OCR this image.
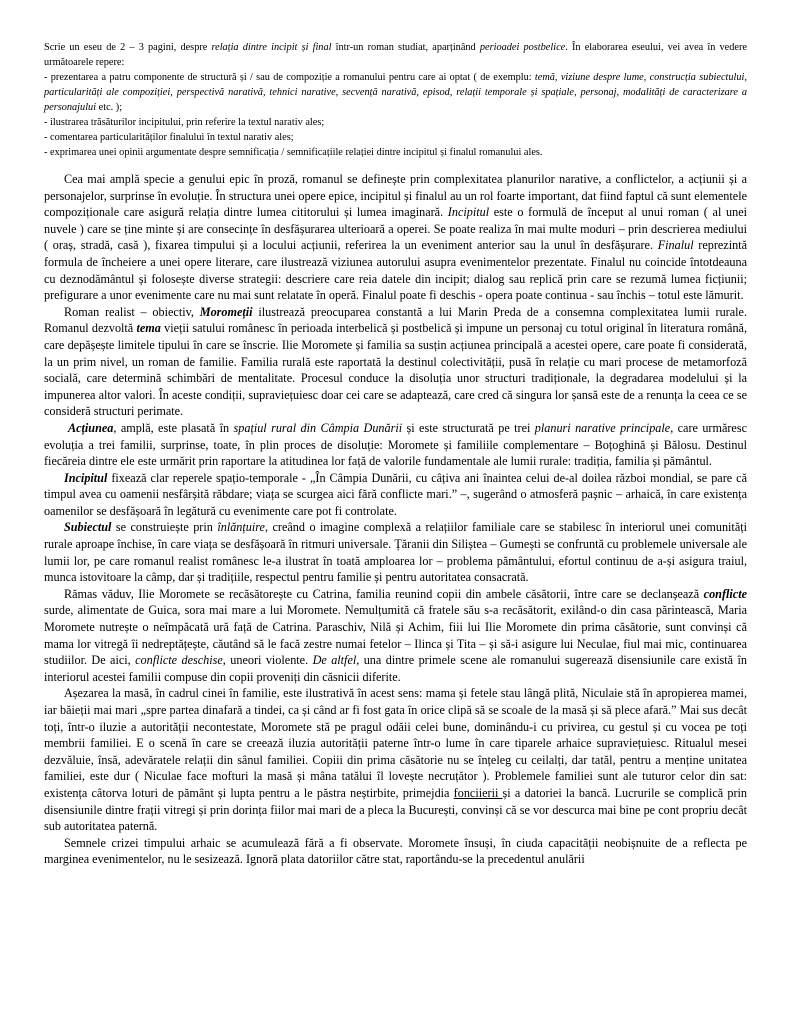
Scrie un eseu de 2 – 3 pagini, despre relația dintre incipit și final într-un roman studiat, aparținând perioadei postbelice. În elaborarea eseului, vei avea în vedere următoarele repere:

- prezentarea a patru componente de structură și / sau de compoziție a romanului pentru care ai optat ( de exemplu: temă, viziune despre lume, construcția subiectului, particularități ale compoziției, perspectivă narativă, tehnici narative, secvență narativă, episod, relații temporale și spațiale, personaj, modalități de caracterizare a personajului etc. );

- ilustrarea trăsăturilor incipitului, prin referire la textul narativ ales;

- comentarea particularităților finalului în textul narativ ales;

- exprimarea unei opinii argumentate despre semnificația / semnificațiile relației dintre incipitul și finalul romanului ales.

Cea mai amplă specie a genului epic în proză, romanul se definește prin complexitatea planurilor narative, a conflictelor, a acțiunii și a personajelor, surprinse în evoluție. În structura unei opere epice, incipitul și finalul au un rol foarte important, dat fiind faptul că sunt elementele compoziționale care asigură relația dintre lumea cititorului și lumea imaginară. Incipitul este o formulă de început al unui roman ( al unei nuvele ) care se ține minte și are consecințe în desfășurarea ulterioară a operei. Se poate realiza în mai multe moduri – prin descrierea mediului ( oraș, stradă, casă ), fixarea timpului și a locului acțiunii, referirea la un eveniment anterior sau la unul în desfășurare. Finalul reprezintă formula de încheiere a unei opere literare, care ilustrează viziunea autorului asupra evenimentelor prezentate. Finalul nu coincide întotdeauna cu deznodământul și folosește diverse strategii: descriere care reia datele din incipit; dialog sau replică prin care se rezumă lumea ficțiunii; prefigurare a unor evenimente care nu mai sunt relatate în operă. Finalul poate fi deschis - opera poate continua - sau închis – totul este lămurit.

Roman realist – obiectiv, Moromeții ilustrează preocuparea constantă a lui Marin Preda de a consemna complexitatea lumii rurale. Romanul dezvoltă tema vieții satului românesc în perioada interbelică și postbelică și impune un personaj cu totul original în literatura română, care depășește limitele tipului în care se înscrie. Ilie Moromete și familia sa susțin acțiunea principală a acestei opere, care poate fi considerată, la un prim nivel, un roman de familie. Familia rurală este raportată la destinul colectivității, pusă în relație cu mari procese de metamorfoză socială, care determină schimbări de mentalitate. Procesul conduce la disoluția unor structuri tradiționale, la degradarea modelului și la impunerea altor valori. În aceste condiții, supraviețuiesc doar cei care se adaptează, care cred că singura lor șansă este de a renunța la ceea ce se consideră structuri perimate.

Acțiunea, amplă, este plasată în spațiul rural din Câmpia Dunării și este structurată pe trei planuri narative principale, care urmăresc evoluția a trei familii, surprinse, toate, în plin proces de disoluție: Moromete și familiile complementare – Boțoghină și Bălosu. Destinul fiecăreia dintre ele este urmărit prin raportare la atitudinea lor față de valorile fundamentale ale lumii rurale: tradiția, familia și pământul.

Incipitul fixează clar reperele spațio-temporale - „În Câmpia Dunării, cu câțiva ani înaintea celui de-al doilea război mondial, se pare că timpul avea cu oamenii nesfârșită răbdare; viața se scurgea aici fără conflicte mari.” –, sugerând o atmosferă pașnic – arhaică, în care existența oamenilor se desfășoară în legătură cu evenimente care pot fi controlate.

Subiectul se construiește prin înlănțuire, creând o imagine complexă a relațiilor familiale care se stabilesc în interiorul unei comunități rurale aproape închise, în care viața se desfășoară în ritmuri universale. Țăranii din Siliștea – Gumești se confruntă cu problemele universale ale lumii lor, pe care romanul realist românesc le-a ilustrat în toată amploarea lor – problema pământului, efortul continuu de a-și asigura traiul, munca istovitoare la câmp, dar și tradițiile, respectul pentru familie și pentru autoritatea consacrată.

Rămas văduv, Ilie Moromete se recăsătorește cu Catrina, familia reunind copii din ambele căsătorii, între care se declanșează conflicte surde, alimentate de Guica, sora mai mare a lui Moromete. Nemulțumită că fratele său s-a recăsătorit, exilând-o din casa părintească, Maria Moromete nutrește o neîmpăcată ură față de Catrina. Paraschiv, Nilă și Achim, fiii lui Ilie Moromete din prima căsătorie, sunt convinși că mama lor vitregă îi nedreptățește, căutând să le facă zestre numai fetelor – Ilinca și Tita – și să-i asigure lui Neculae, fiul mai mic, continuarea studiilor. De aici, conflicte deschise, uneori violente. De altfel, una dintre primele scene ale romanului sugerează disensiunile care există în interiorul acestei familii compuse din copii proveniți din căsnicii diferite.

Așezarea la masă, în cadrul cinei în familie, este ilustrativă în acest sens: mama și fetele stau lângă plită, Niculaie stă în apropierea mamei, iar băieții mai mari „spre partea dinafară a tindei, ca și când ar fi fost gata în orice clipă să se scoale de la masă și să plece afară.” Mai sus decât toți, într-o iluzie a autorității necontestate, Moromete stă pe pragul odăii celei bune, dominându-i cu privirea, cu gestul și cu vocea pe toți membrii familiei. E o scenă în care se creează iluzia autorității paterne într-o lume în care tiparele arhaice supraviețuiesc. Ritualul mesei dezvăluie, însă, adevăratele relații din sânul familiei. Copiii din prima căsătorie nu se înțeleg cu ceilalți, dar tatăl, pentru a menține unitatea familiei, este dur ( Niculae face mofturi la masă și mâna tatălui îl lovește necruțător ). Problemele familiei sunt ale tuturor celor din sat: existența câtorva loturi de pământ și lupta pentru a le păstra neștirbite, primejdia fonciierii și a datoriei la bancă. Lucrurile se complică prin disensiunile dintre frații vitregi și prin dorința fiilor mai mari de a pleca la București, convinși că se vor descurca mai bine pe cont propriu decât sub autoritatea paternă.

Semnele crizei timpului arhaic se acumulează fără a fi observate. Moromete însuși, în ciuda capacității neobișnuite de a reflecta pe marginea evenimentelor, nu le sesizează. Ignoră plata datoriilor către stat, raportându-se la precedentul anulării
